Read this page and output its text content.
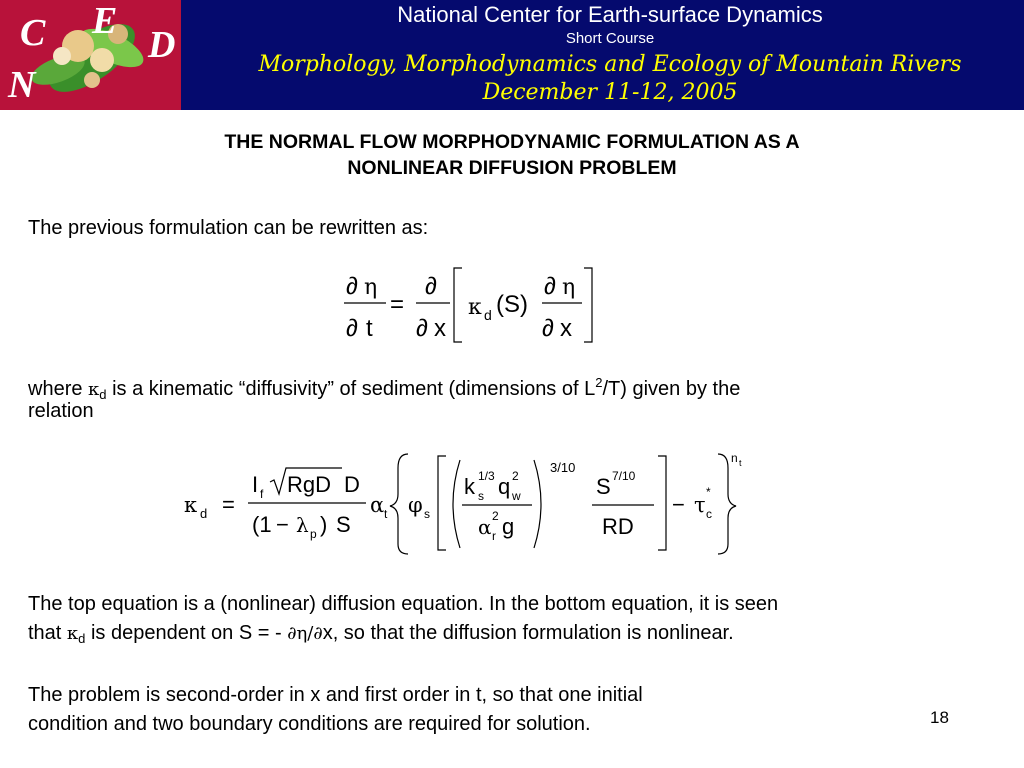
C E
D
N
National Center for Earth-surface Dynamics
Short Course
Morphology, Morphodynamics and Ecology of Mountain Rivers
December 11-12, 2005
THE NORMAL FLOW MORPHODYNAMIC FORMULATION AS A
NONLINEAR DIFFUSION PROBLEM
The previous formulation can be rewritten as:
∂ η
∂ t
=
∂
∂ x
κ d (S)
∂ η
∂ x
where $\kappa_d$ is a kinematic “diffusivity” of sediment (dimensions of $L^2/T$) given by the
relation
κ d =
I f RgD D
(1 − λ p ) S
α t φ s
k 1/3
s q 2
w
α 2
r g
3/10
S 7/10
RD
− τ
*
c
n t
The top equation is a (nonlinear) diffusion equation. In the bottom equation, it is seen
that $\kappa_d$ is dependent on S = - ∂η/∂x, so that the diffusion formulation is nonlinear.
The problem is second-order in x and first order in t, so that one initial
condition and two boundary conditions are required for solution.	18
